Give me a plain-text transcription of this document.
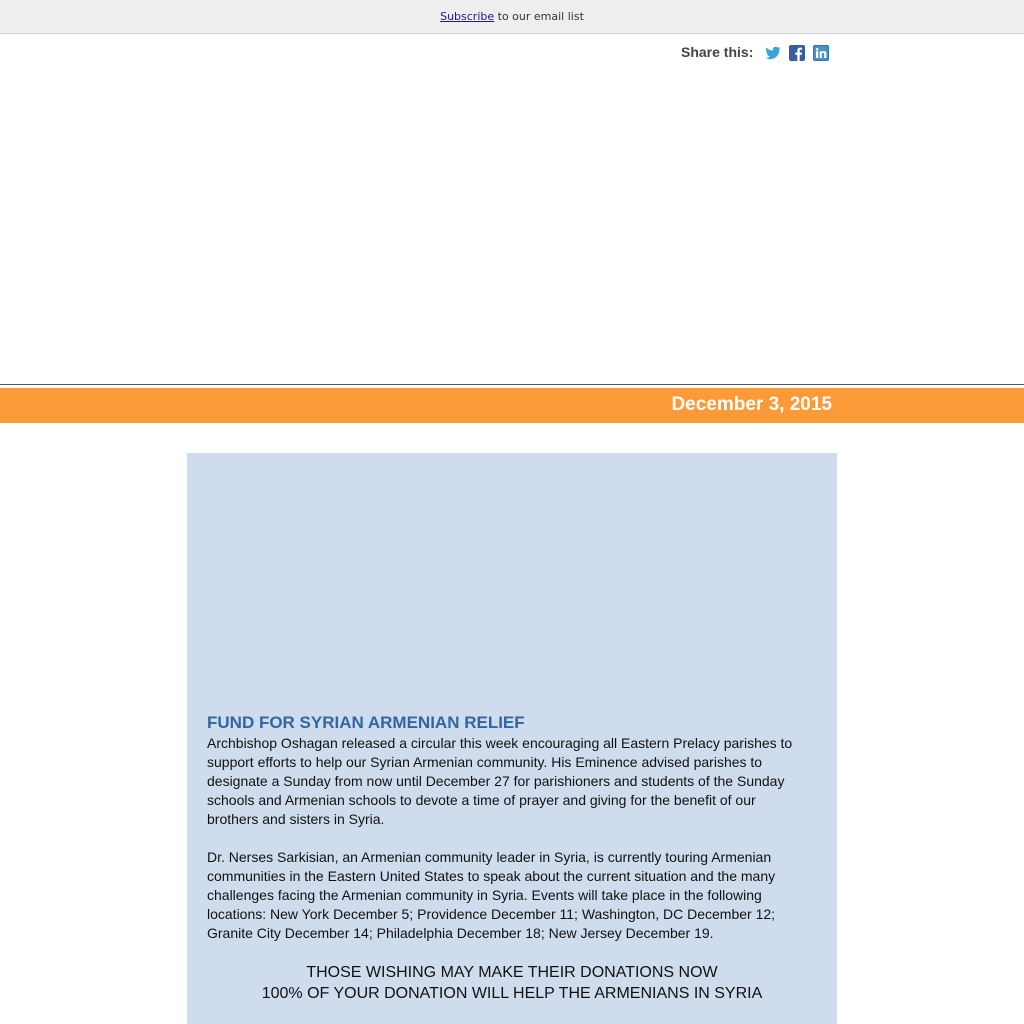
Subscribe to our email list
Share this:
December 3, 2015
FUND FOR SYRIAN ARMENIAN RELIEF

Archbishop Oshagan released a circular this week encouraging all Eastern Prelacy parishes to support efforts to help our Syrian Armenian community. His Eminence advised parishes to designate a Sunday from now until December 27 for parishioners and students of the Sunday schools and Armenian schools to devote a time of prayer and giving for the benefit of our brothers and sisters in Syria.

Dr. Nerses Sarkisian, an Armenian community leader in Syria, is currently touring Armenian communities in the Eastern United States to speak about the current situation and the many challenges facing the Armenian community in Syria. Events will take place in the following locations: New York December 5; Providence December 11; Washington, DC December 12; Granite City December 14; Philadelphia December 18; New Jersey December 19.

THOSE WISHING MAY MAKE THEIR DONATIONS NOW
100% OF YOUR DONATION WILL HELP THE ARMENIANS IN SYRIA
